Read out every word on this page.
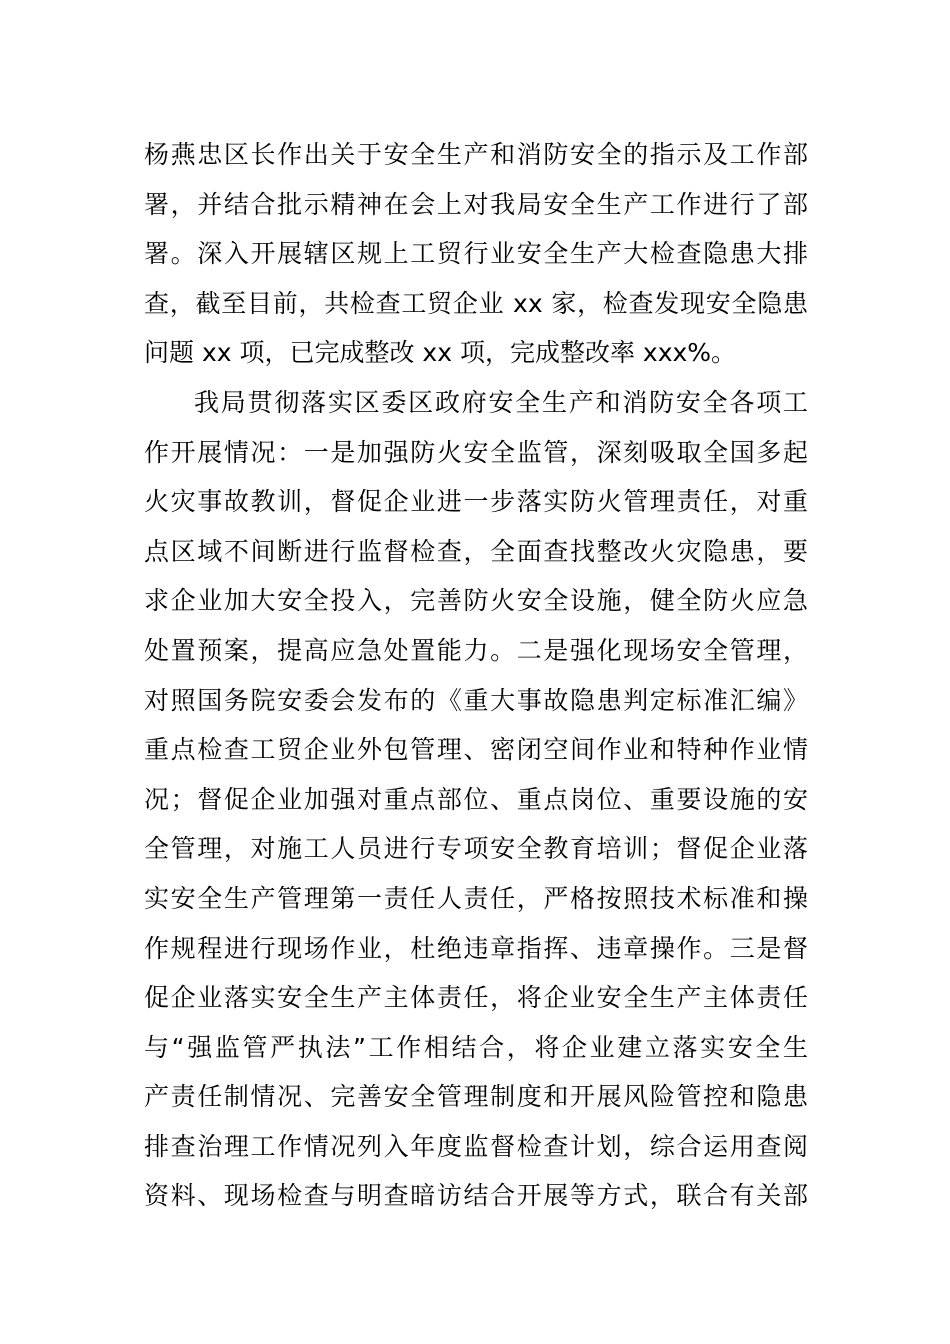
杨燕忠区长作出关于安全生产和消防安全的指示及工作部
署，并结合批示精神在会上对我局安全生产工作进行了部
署。深入开展辖区规上工贸行业安全生产大检查隐患大排
查，截至目前，共检查工贸企业 xx 家，检查发现安全隐患
问题 xx 项，已完成整改 xx 项，完成整改率 xxx%。
我局贯彻落实区委区政府安全生产和消防安全各项工
作开展情况：一是加强防火安全监管，深刻吸取全国多起
火灾事故教训，督促企业进一步落实防火管理责任，对重
点区域不间断进行监督检查，全面查找整改火灾隐患，要
求企业加大安全投入，完善防火安全设施，健全防火应急
处置预案，提高应急处置能力。二是强化现场安全管理，
对照国务院安委会发布的《重大事故隐患判定标准汇编》
重点检查工贸企业外包管理、密闭空间作业和特种作业情
况；督促企业加强对重点部位、重点岗位、重要设施的安
全管理，对施工人员进行专项安全教育培训；督促企业落
实安全生产管理第一责任人责任，严格按照技术标准和操
作规程进行现场作业，杜绝违章指挥、违章操作。三是督
促企业落实安全生产主体责任，将企业安全生产主体责任
与“强监管严执法”工作相结合，将企业建立落实安全生
产责任制情况、完善安全管理制度和开展风险管控和隐患
排查治理工作情况列入年度监督检查计划，综合运用查阅
资料、现场检查与明查暗访结合开展等方式，联合有关部
